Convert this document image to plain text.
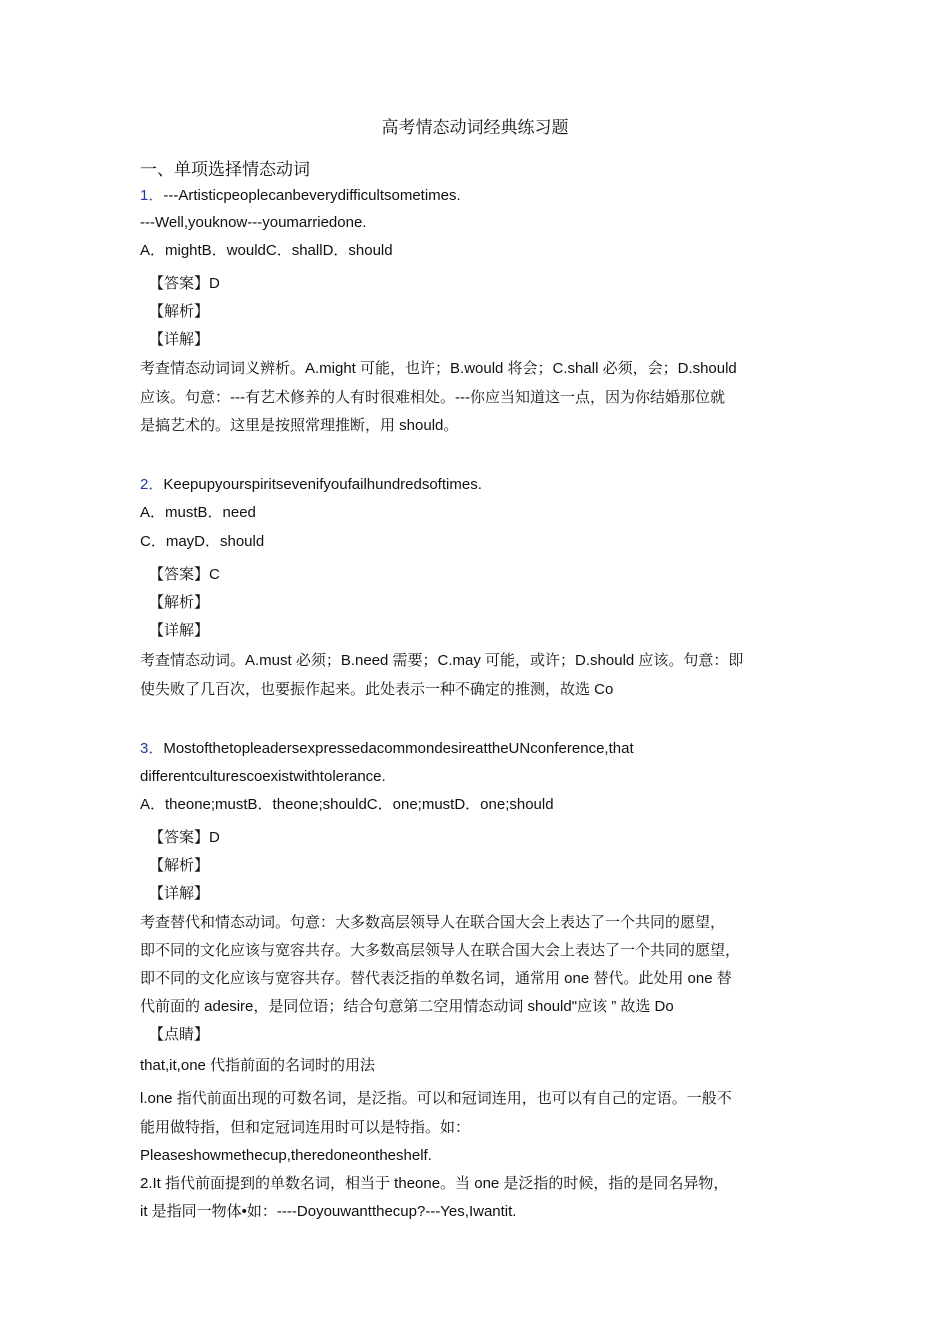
高考情态动词经典练习题
一、单项选择情态动词
1．---Artisticpeoplecanbeverydifficultsometimes.
---Well,youknow---youmarriedone.
A．mightB．wouldC．shallD．should
【答案】D
【解析】
【详解】
考查情态动词词义辨析。A.might 可能，也许；B.would 将会；C.shall 必须，会；D.should
应该。句意：---有艺术修养的人有时很难相处。---你应当知道这一点，因为你结婚那位就
是搞艺术的。这里是按照常理推断，用 should。
2．Keepupyourspiritsevenifyoufailhundredsoftimes.
A．mustB．need
C．mayD．should
【答案】C
【解析】
【详解】
考查情态动词。A.must 必须；B.need 需要；C.may 可能，或许；D.should 应该。句意：即
使失败了几百次，也要振作起来。此处表示一种不确定的推测，故选 Co
3．MostofthetopleadersexpressedacommondesireattheUNconference,that
differentculturescoexistwithtolerance.
A．theone;mustB．theone;shouldC．one;mustD．one;should
【答案】D
【解析】
【详解】
考查替代和情态动词。句意：大多数高层领导人在联合国大会上表达了一个共同的愿望，
即不同的文化应该与宽容共存。大多数高层领导人在联合国大会上表达了一个共同的愿望，
即不同的文化应该与宽容共存。替代表泛指的单数名词，通常用 one 替代。此处用 one 替
代前面的 adesire，是同位语；结合句意第二空用情态动词 should"应该 ” 故选 Do
【点睛】
that,it,one 代指前面的名词时的用法
l.one 指代前面出现的可数名词，是泛指。可以和冠词连用，也可以有自己的定语。一般不
能用做特指，但和定冠词连用时可以是特指。如：
Pleaseshowmethecup,theredoneontheshelf.
2.It 指代前面提到的单数名词，相当于 theone。当 one 是泛指的时候，指的是同名异物，
it 是指同一物体•如：----Doyouwantthecup?---Yes,Iwantit.
